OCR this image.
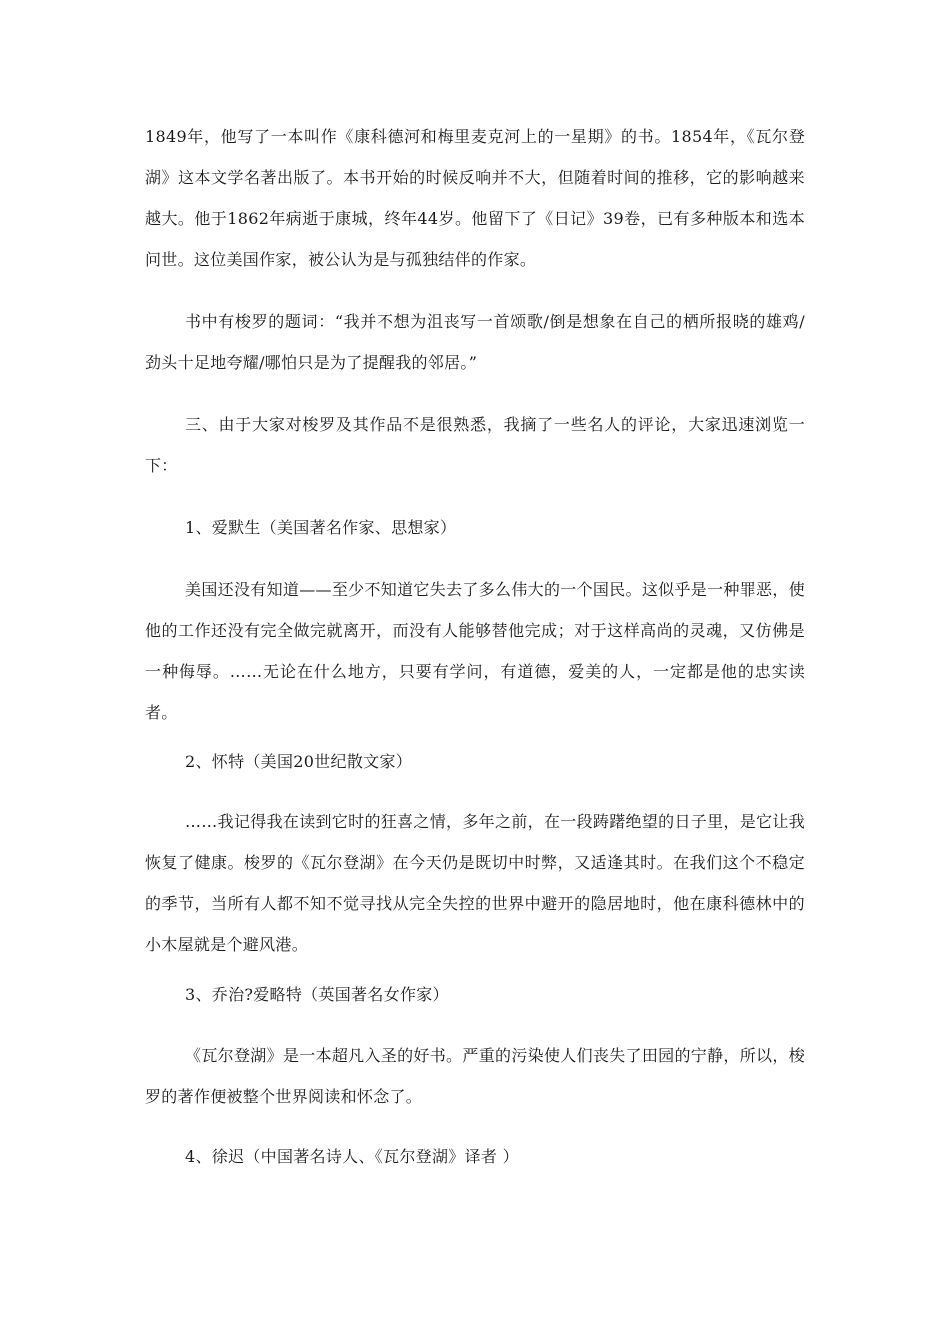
1849年，他写了一本叫作《康科德河和梅里麦克河上的一星期》的书。1854年，《瓦尔登湖》这本文学名著出版了。本书开始的时候反响并不大，但随着时间的推移，它的影响越来越大。他于1862年病逝于康城，终年44岁。他留下了《日记》39卷，已有多种版本和选本问世。这位美国作家，被公认为是与孤独结伴的作家。

书中有梭罗的题词：“我并不想为沮丧写一首颂歌/倒是想象在自己的栖所报晓的雄鸡/劲头十足地夸耀/哪怕只是为了提醒我的邻居。”

三、由于大家对梭罗及其作品不是很熟悉，我摘了一些名人的评论，大家迅速浏览一下：

1、爱默生（美国著名作家、思想家）

美国还没有知道——至少不知道它失去了多么伟大的一个国民。这似乎是一种罪恶，使他的工作还没有完全做完就离开，而没有人能够替他完成；对于这样高尚的灵魂，又仿佛是一种侮辱。……无论在什么地方，只要有学问，有道德，爱美的人，一定都是他的忠实读者。

2、怀特（美国20世纪散文家）

……我记得我在读到它时的狂喜之情，多年之前，在一段踌躇绝望的日子里，是它让我恢复了健康。梭罗的《瓦尔登湖》在今天仍是既切中时弊，又适逢其时。在我们这个不稳定的季节，当所有人都不知不觉寻找从完全失控的世界中避开的隐居地时，他在康科德林中的小木屋就是个避风港。

3、乔治?爱略特（英国著名女作家）

《瓦尔登湖》是一本超凡入圣的好书。严重的污染使人们丧失了田园的宁静，所以，梭罗的著作便被整个世界阅读和怀念了。

4、徐迟（中国著名诗人、《瓦尔登湖》译者 ）
